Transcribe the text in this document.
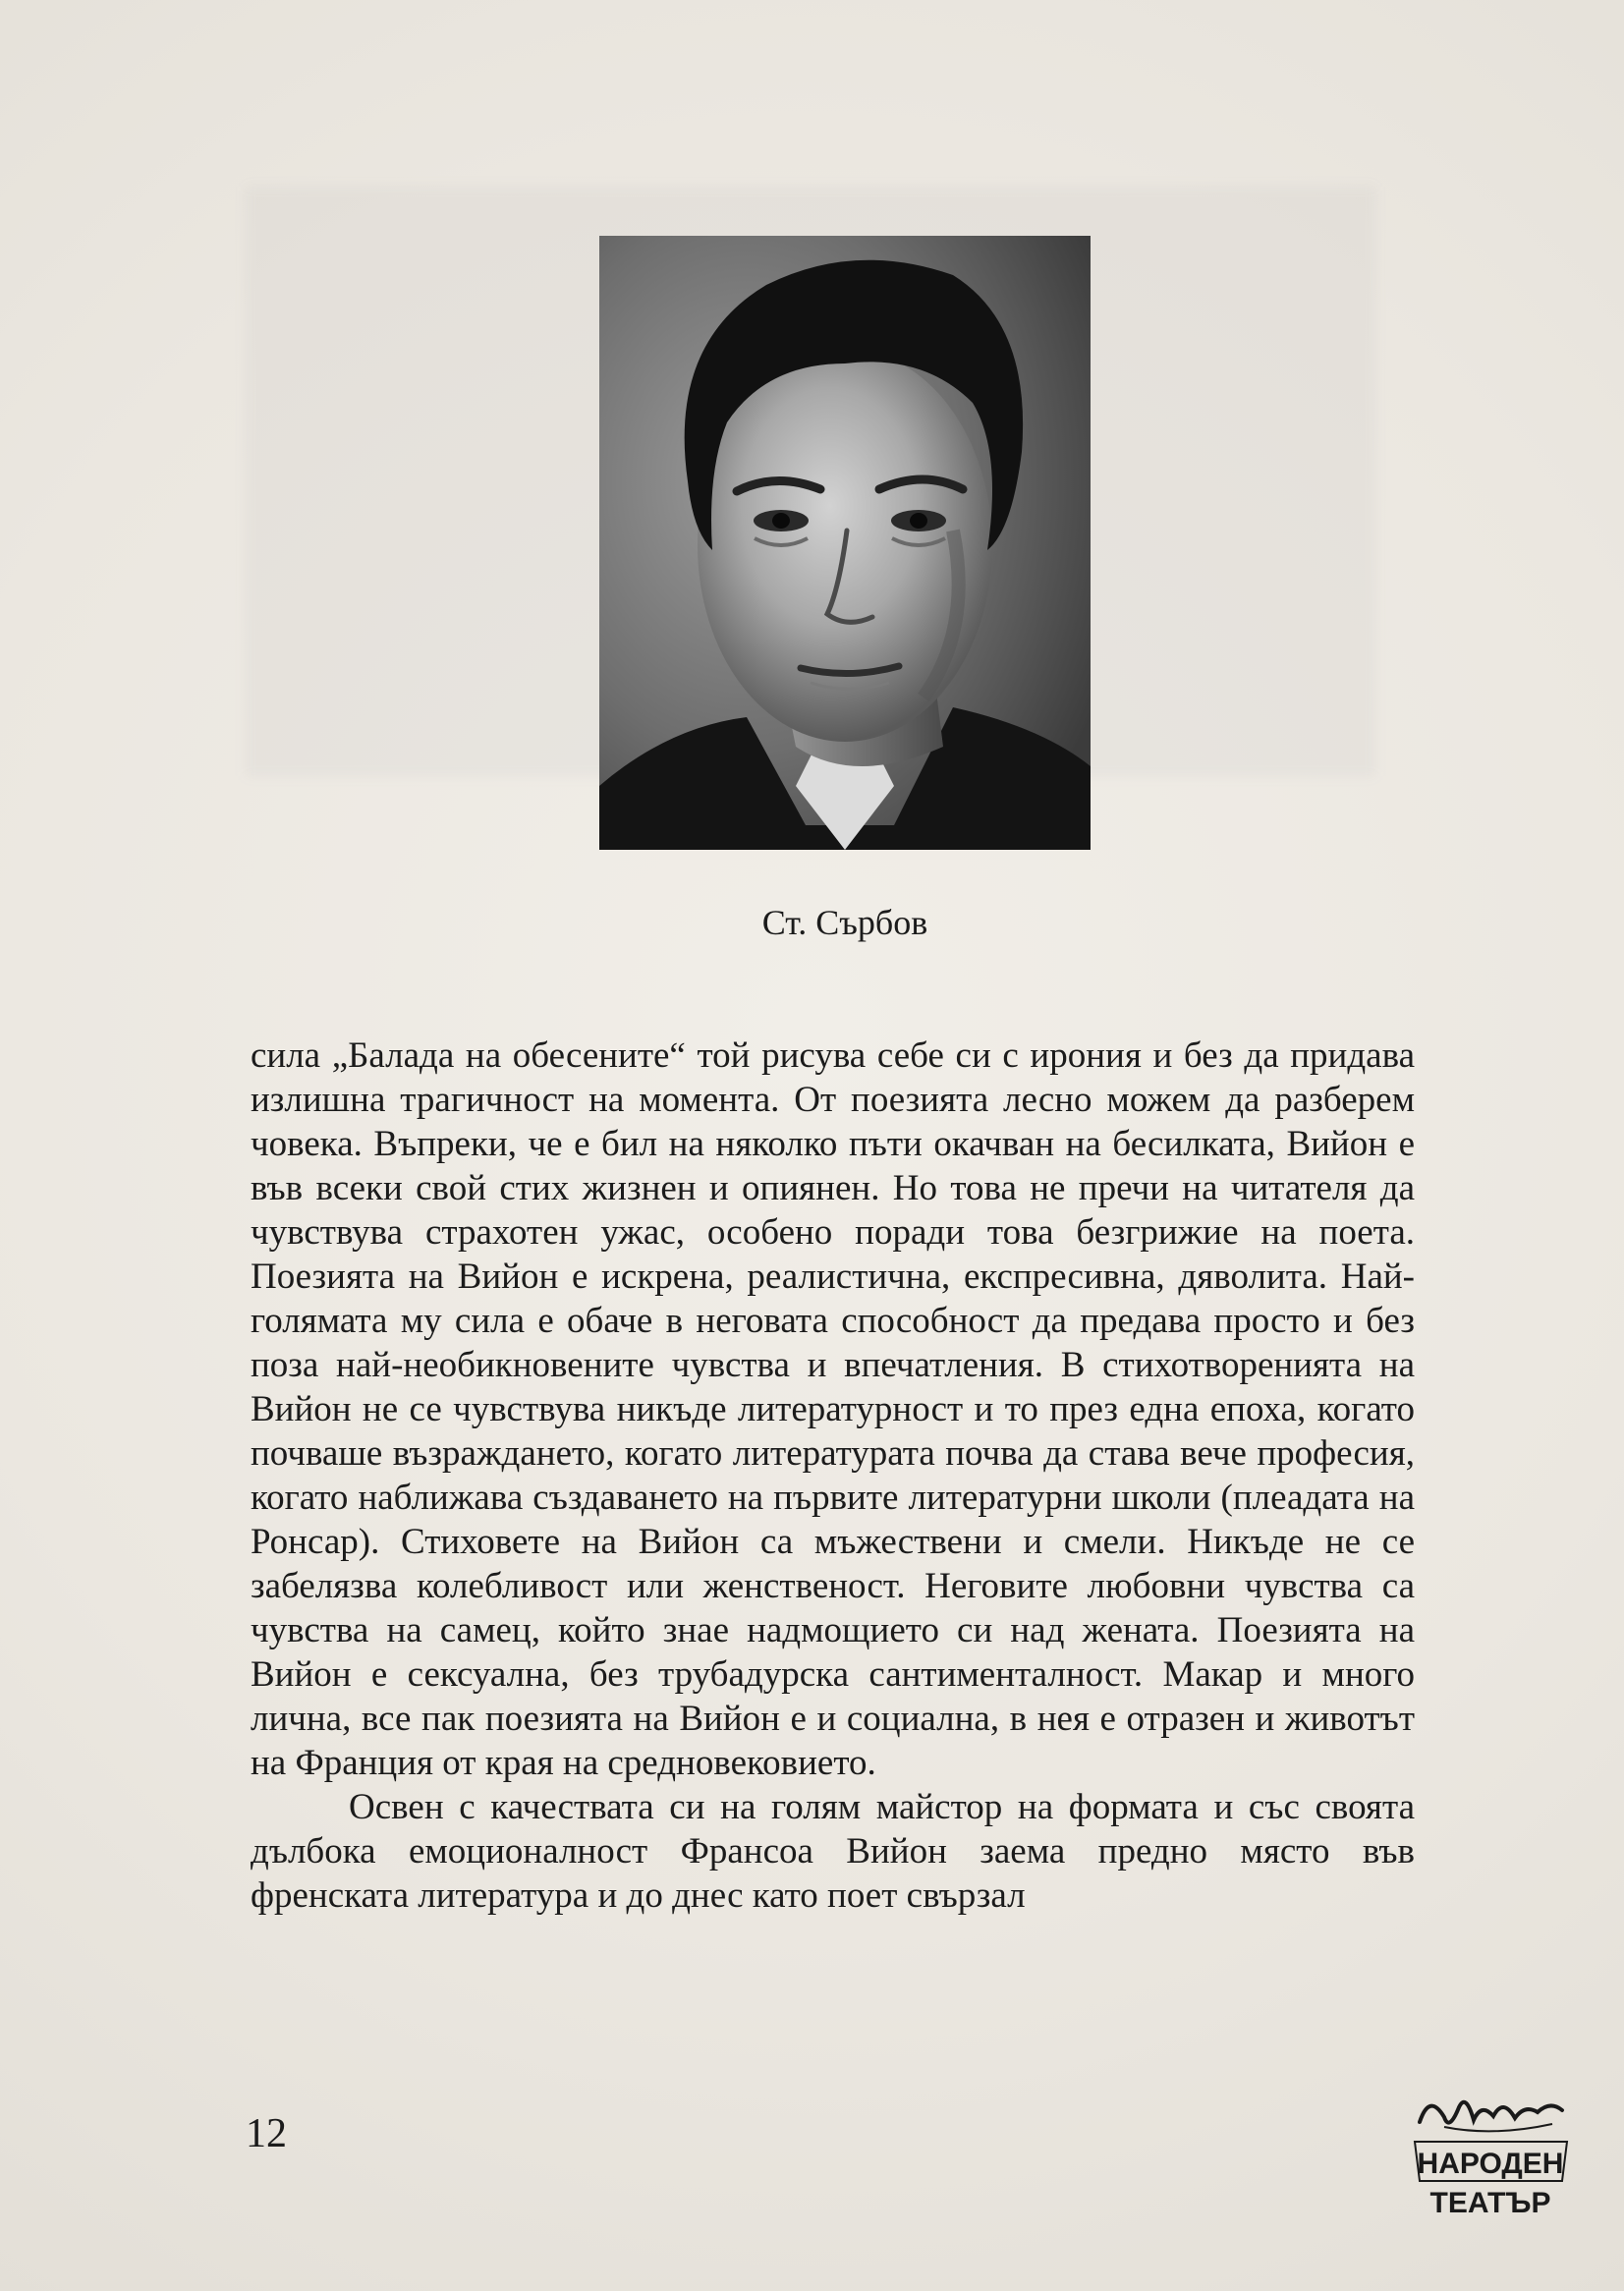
Ст. Сърбов

сила „Балада на обесените“ той рисува себе си с ирония и без да придава излишна трагичност на момента. От поезията лесно можем да разберем човека. Въпреки, че е бил на няколко пъти окачван на бесилката, Вийон е във всеки свой стих жизнен и опиянен. Но това не пречи на читателя да чувствува страхотен ужас, особено поради това безгрижие на поета. Поезията на Вийон е искрена, реалистична, експресивна, дяволита. Най-голямата му сила е обаче в неговата способност да предава просто и без поза най-необикновените чувства и впечатления. В стихотворенията на Вийон не се чувствува никъде литературност и то през една епоха, когато почваше възраждането, когато литературата почва да става вече професия, когато наближава създаването на първите литературни школи (плеадата на Ронсар). Стиховете на Вийон са мъжествени и смели. Никъде не се забелязва колебливост или женственост. Неговите любовни чувства са чувства на самец, който знае надмощието си над жената. Поезията на Вийон е сексуална, без трубадурска сантименталност. Макар и много лична, все пак поезията на Вийон е и социална, в нея е отразен и животът на Франция от края на средновековието.

Освен с качествата си на голям майстор на формата и със своята дълбока емоционалност Франсоа Вийон заема предно място във френската литература и до днес като поет свързал

12
НАРОДЕН
ТЕАТЪР
